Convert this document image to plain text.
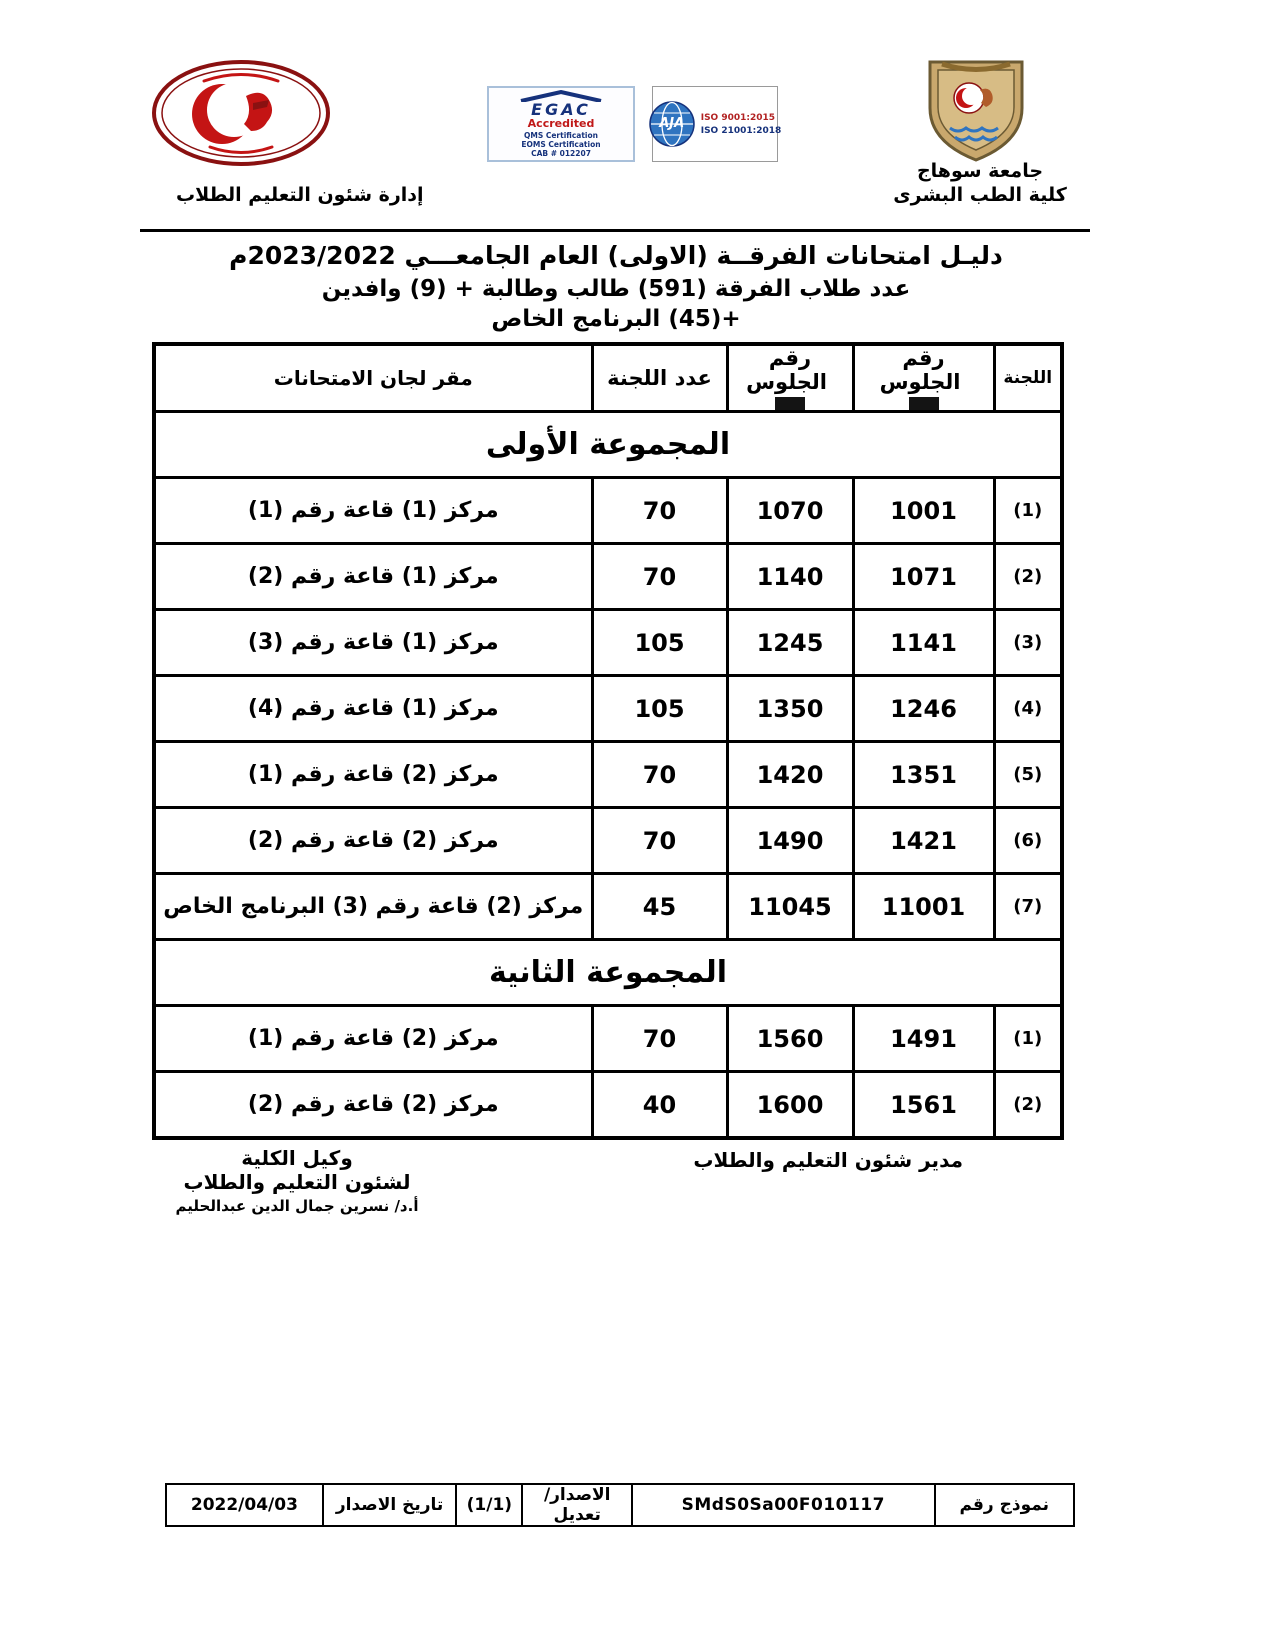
EGAC
Accredited
QMS Certification
EOMS Certification
CAB # 012207
AJA	ISO 9001:2015
ISO 21001:2018
جامعة سوهاج
كلية الطب البشرى
إدارة شئون التعليم الطلاب
دليـل امتحانات الفرقــة (الاولى) العام الجامعـــي 2023/2022م
عدد طلاب الفرقة (591) طالب وطالبة + (9) وافدين
+(45) البرنامج الخاص
اللجنة	رقم الجلوس	رقم الجلوس	عدد اللجنة	مقر لجان الامتحانات
المجموعة الأولى				
(1)	1001	1070	70	مركز (1) قاعة رقم (1)
(2)	1071	1140	70	مركز (1) قاعة رقم (2)
(3)	1141	1245	105	مركز (1) قاعة رقم (3)
(4)	1246	1350	105	مركز (1) قاعة رقم (4)
(5)	1351	1420	70	مركز (2) قاعة رقم (1)
(6)	1421	1490	70	مركز (2) قاعة رقم (2)
(7)	11001	11045	45	مركز (2) قاعة رقم (3) البرنامج الخاص
المجموعة الثانية				
(1)	1491	1560	70	مركز (2) قاعة رقم (1)
(2)	1561	1600	40	مركز (2) قاعة رقم (2)
مدير شئون التعليم والطلاب
وكيل الكلية
لشئون التعليم والطلاب
أ.د/ نسرين جمال الدين عبدالحليم
نموذج رقم	SMdS0Sa00F010117	الاصدار/تعديل	(1/1)	تاريخ الاصدار	2022/04/03
